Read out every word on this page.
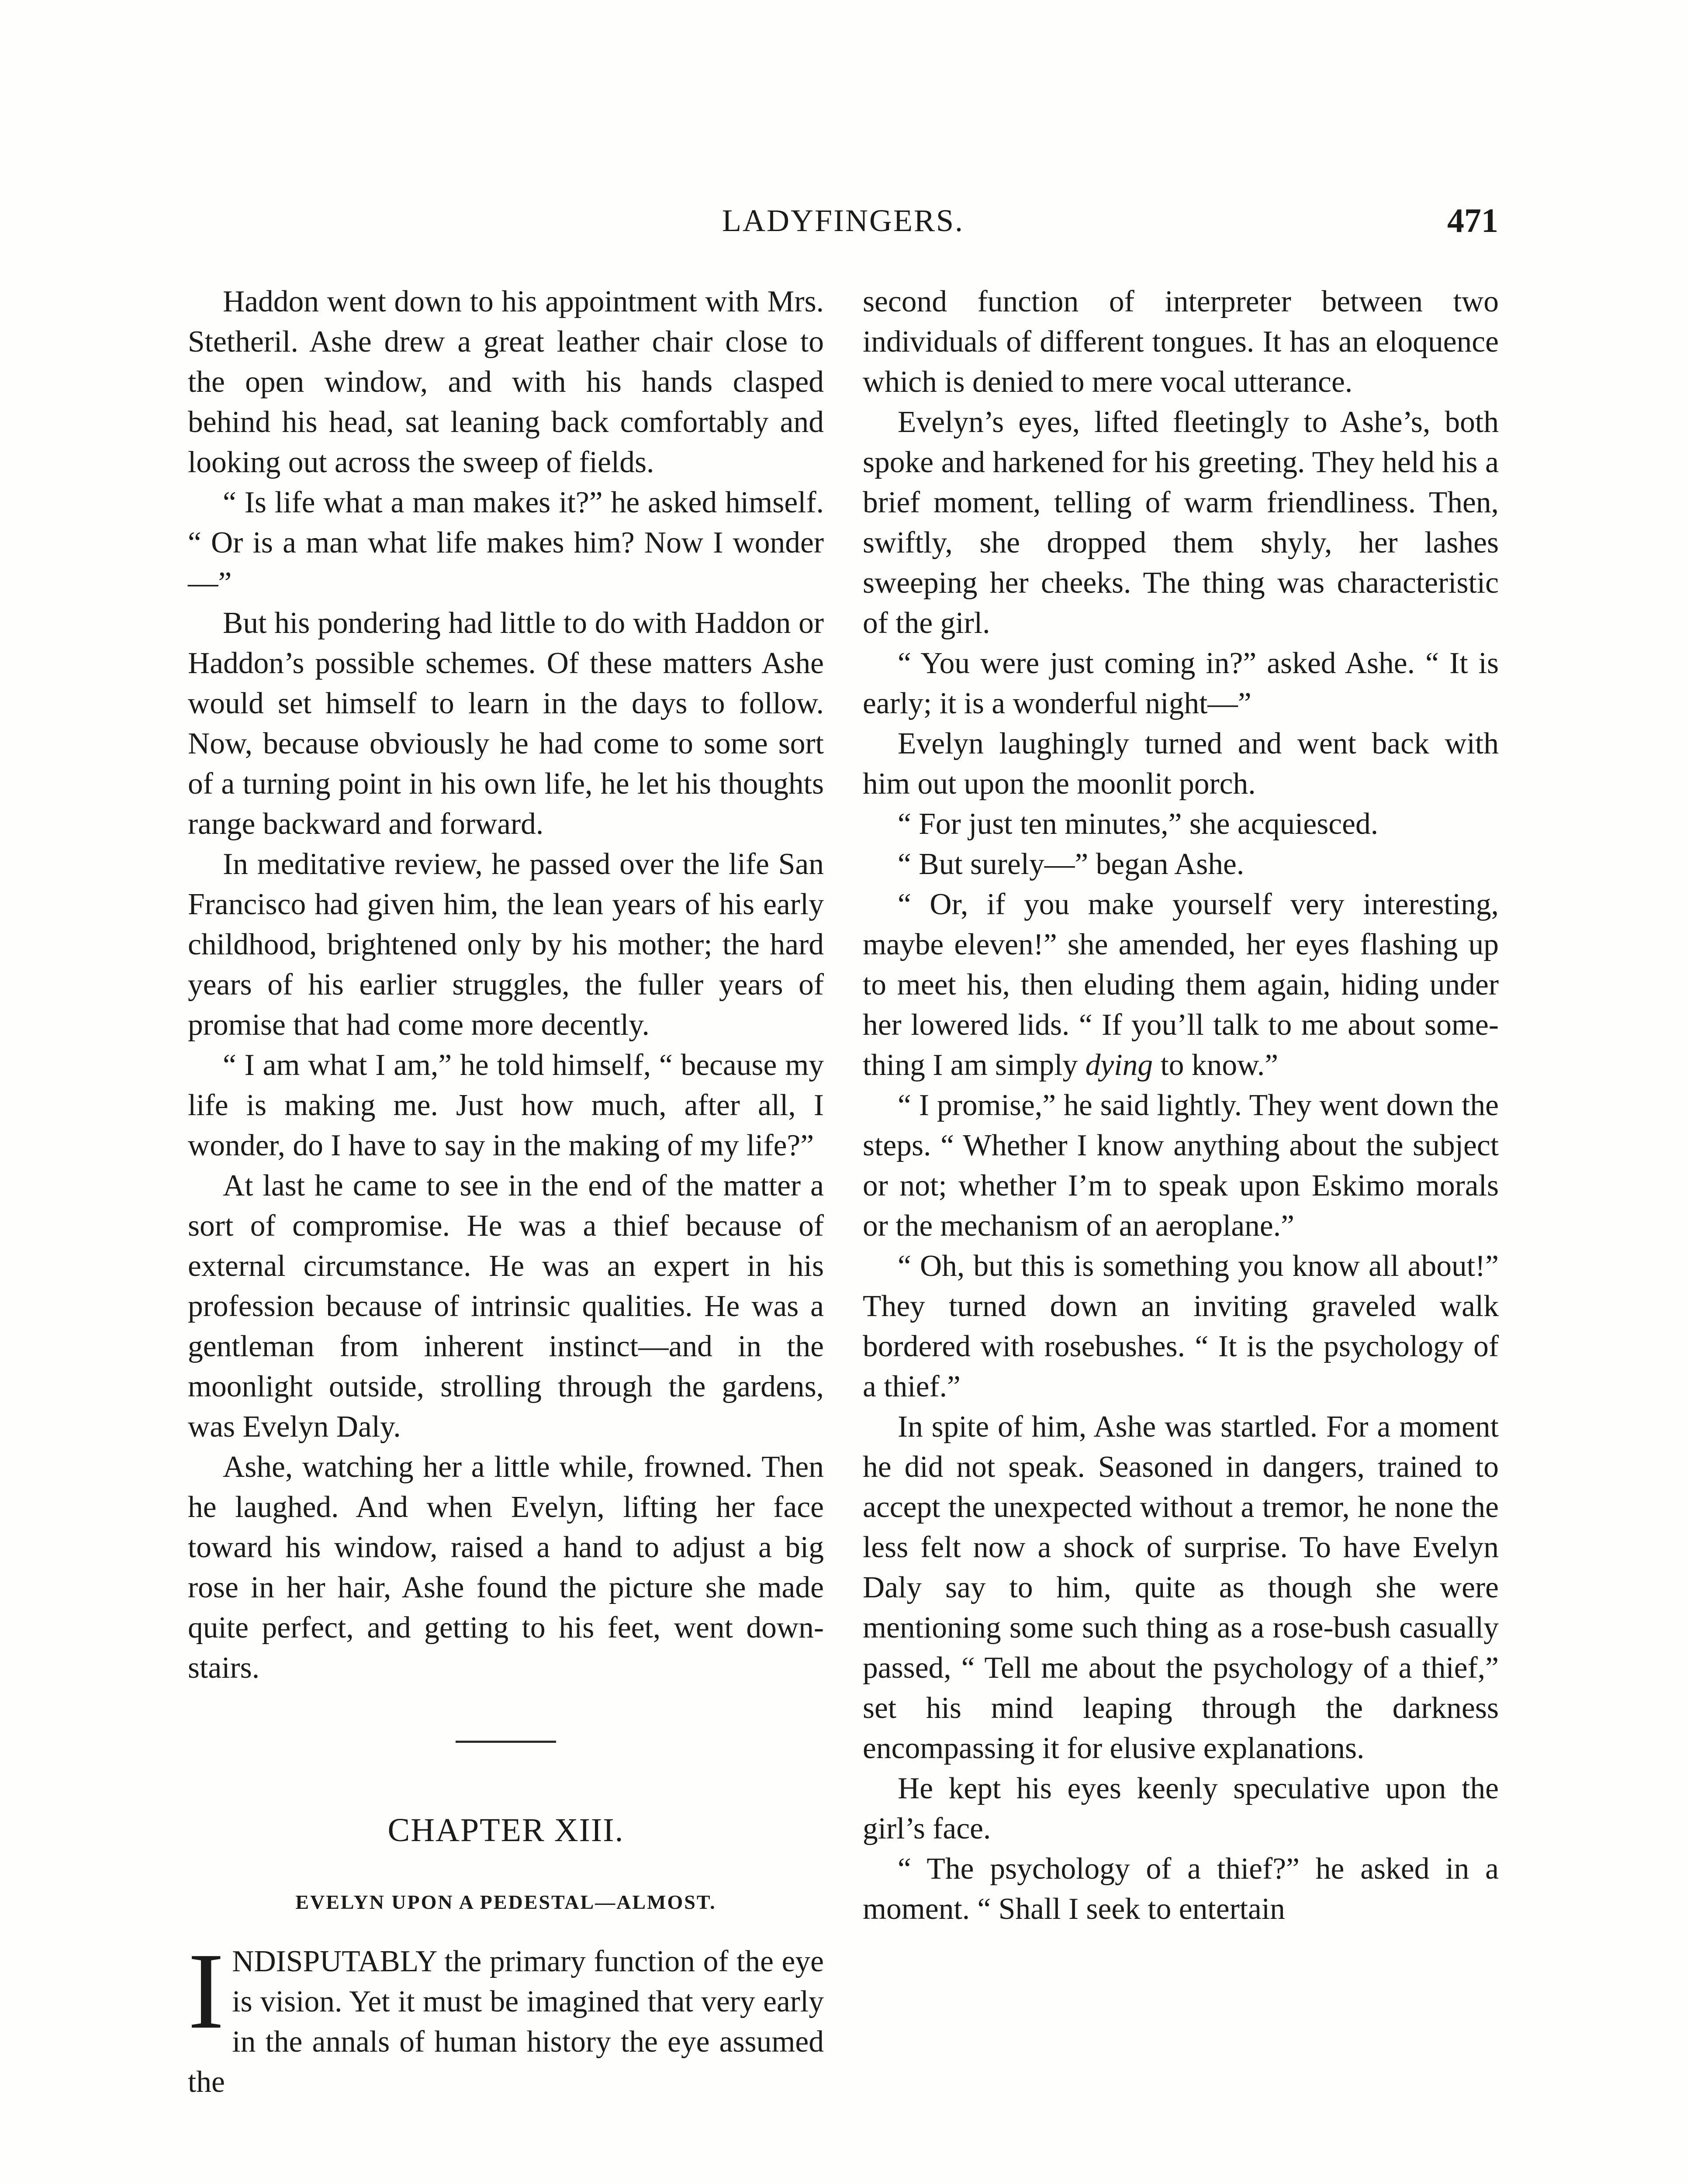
LADYFINGERS.	471

Haddon went down to his appointment with Mrs. Stetheril. Ashe drew a great leather chair close to the open window, and with his hands clasped behind his head, sat leaning back comfortably and looking out across the sweep of fields.

“ Is life what a man makes it?” he asked himself. “ Or is a man what life makes him? Now I wonder—”

But his pondering had little to do with Haddon or Haddon’s possible schemes. Of these matters Ashe would set himself to learn in the days to follow. Now, because obviously he had come to some sort of a turning point in his own life, he let his thoughts range backward and forward.

In meditative review, he passed over the life San Francisco had given him, the lean years of his early childhood, brightened only by his mother; the hard years of his earlier struggles, the fuller years of promise that had come more decently.

“ I am what I am,” he told himself, “ because my life is making me. Just how much, after all, I wonder, do I have to say in the making of my life?”

At last he came to see in the end of the matter a sort of compromise. He was a thief because of external circumstance. He was an expert in his profession because of intrinsic qualities. He was a gentleman from inherent instinct—and in the moonlight outside, strolling through the gardens, was Evelyn Daly.

Ashe, watching her a little while, frowned. Then he laughed. And when Evelyn, lifting her face toward his window, raised a hand to adjust a big rose in her hair, Ashe found the picture she made quite perfect, and getting to his feet, went down-stairs.

CHAPTER XIII.
EVELYN UPON A PEDESTAL—ALMOST.

I NDISPUTABLY the primary function of the eye is vision. Yet it must be imagined that very early in the annals of human history the eye assumed the

second function of interpreter between two individuals of different tongues. It has an eloquence which is denied to mere vocal utterance.

Evelyn’s eyes, lifted fleetingly to Ashe’s, both spoke and harkened for his greeting. They held his a brief moment, telling of warm friendliness. Then, swiftly, she dropped them shyly, her lashes sweeping her cheeks. The thing was characteristic of the girl.

“ You were just coming in?” asked Ashe. “ It is early; it is a wonderful night—”

Evelyn laughingly turned and went back with him out upon the moonlit porch.

“ For just ten minutes,” she acquiesced.

“ But surely—” began Ashe.

“ Or, if you make yourself very interesting, maybe eleven!” she amended, her eyes flashing up to meet his, then eluding them again, hiding under her lowered lids. “ If you’ll talk to me about something I am simply dying to know.”

“ I promise,” he said lightly. They went down the steps. “ Whether I know anything about the subject or not; whether I’m to speak upon Eskimo morals or the mechanism of an aeroplane.”

“ Oh, but this is something you know all about!” They turned down an inviting graveled walk bordered with rosebushes. “ It is the psychology of a thief.”

In spite of him, Ashe was startled. For a moment he did not speak. Seasoned in dangers, trained to accept the unexpected without a tremor, he none the less felt now a shock of surprise. To have Evelyn Daly say to him, quite as though she were mentioning some such thing as a rose-bush casually passed, “ Tell me about the psychology of a thief,” set his mind leaping through the darkness encompassing it for elusive explanations.

He kept his eyes keenly speculative upon the girl’s face.

“ The psychology of a thief?” he asked in a moment. “ Shall I seek to entertain
